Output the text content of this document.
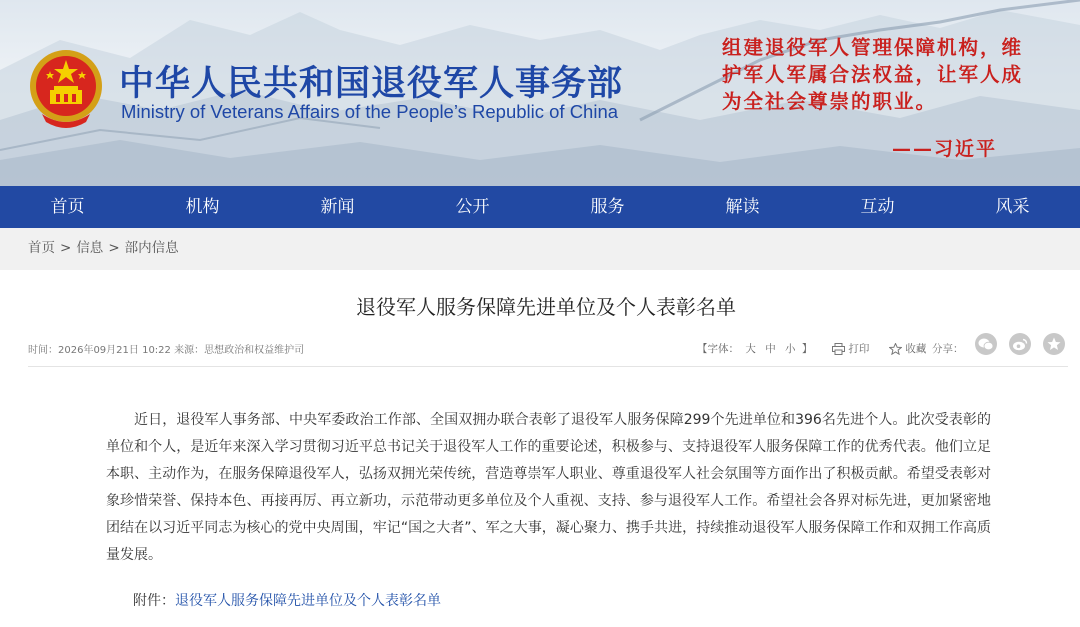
中华人民共和国退役军人事务部
Ministry of Veterans Affairs of the People’s Republic of China
组建退役军人管理保障机构，维护军人军属合法权益，让军人成为全社会尊崇的职业。
——习近平
首页	机构	新闻	公开	服务	解读	互动	风采
首页 > 信息 > 部内信息
退役军人服务保障先进单位及个人表彰名单
时间：2026年09月21日 10:22 来源：思想政治和权益维护司	【字体： 大 中 小 】	打印	收藏 分享：
近日，退役军人事务部、中央军委政治工作部、全国双拥办联合表彰了退役军人服务保障299个先进单位和396名先进个人。此次受表彰的单位和个人，是近年来深入学习贯彻习近平总书记关于退役军人工作的重要论述，积极参与、支持退役军人服务保障工作的优秀代表。他们立足本职、主动作为，在服务保障退役军人，弘扬双拥光荣传统，营造尊崇军人职业、尊重退役军人社会氛围等方面作出了积极贡献。希望受表彰对象珍惜荣誉、保持本色、再接再厉、再立新功，示范带动更多单位及个人重视、支持、参与退役军人工作。希望社会各界对标先进，更加紧密地团结在以习近平同志为核心的党中央周围，牢记“国之大者”、军之大事，凝心聚力、携手共进，持续推动退役军人服务保障工作和双拥工作高质量发展。
附件：退役军人服务保障先进单位及个人表彰名单
